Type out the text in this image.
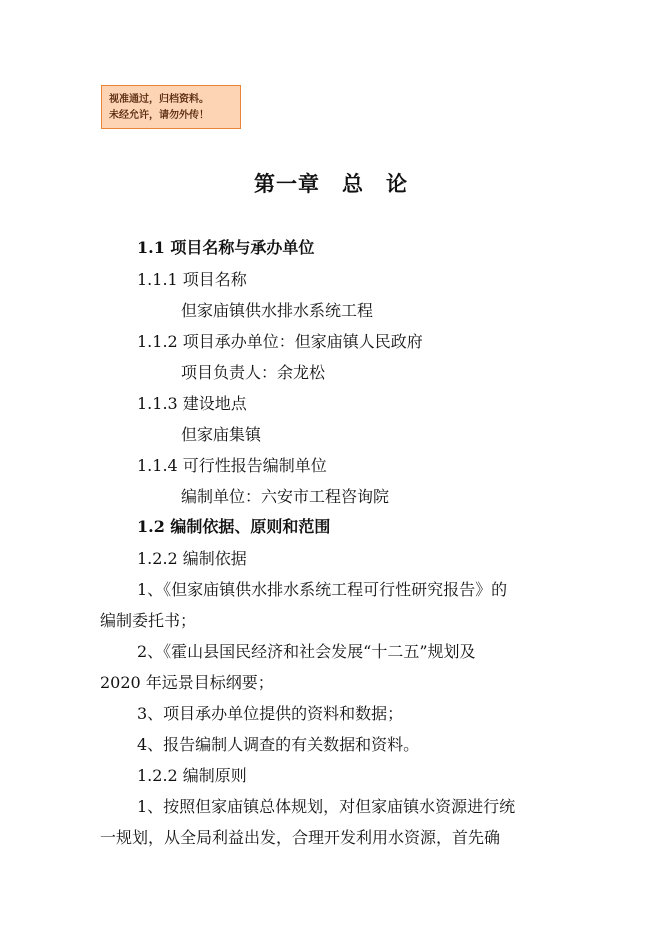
视准通过，归档资料。
未经允许，请勿外传！
第一章　总　论
1.1 项目名称与承办单位
1.1.1 项目名称
但家庙镇供水排水系统工程
1.1.2 项目承办单位：但家庙镇人民政府
项目负责人：余龙松
1.1.3 建设地点
但家庙集镇
1.1.4 可行性报告编制单位
编制单位：六安市工程咨询院
1.2 编制依据、原则和范围
1.2.2 编制依据
1、《但家庙镇供水排水系统工程可行性研究报告》的
编制委托书；
2、《霍山县国民经济和社会发展“十二五”规划及
2020 年远景目标纲要；
3、项目承办单位提供的资料和数据；
4、报告编制人调查的有关数据和资料。
1.2.2 编制原则
1、按照但家庙镇总体规划，对但家庙镇水资源进行统
一规划，从全局利益出发，合理开发利用水资源，首先确
